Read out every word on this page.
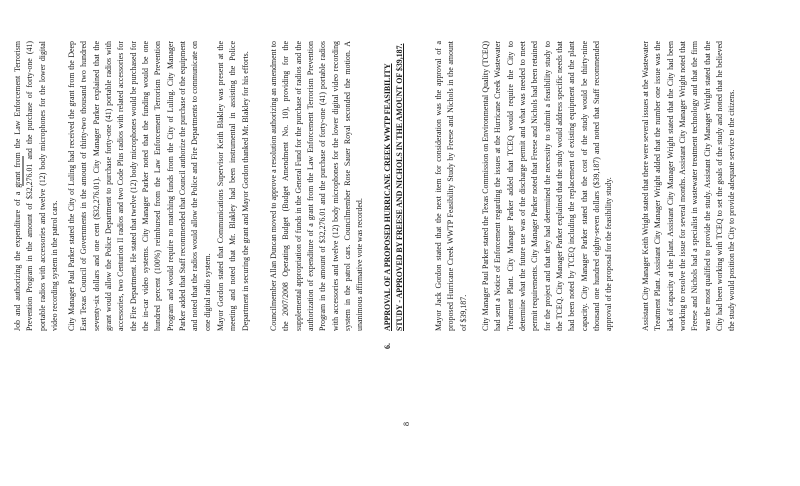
Job and authorizing the expenditure of a grant from the Law Enforcement Terrorism Prevention Program in the amount of $32,276.01 and the purchase of forty-one (41) portable radios with accessories and twelve (12) body microphones for the lower digital video recording system in the patrol cars. City Manager Paul Parker stated the City of Luling had received the grant from the Deep East Texas Council of Governments in the amount of thirty-two thousand two hundred seventy-six dollars and one cent ($32,276.01). City Manager Parker explained that the grant would allow the Police Department to purchase forty-one (41) portable radios with accessories, two Centurion II radios and two Code Plus radios with related accessories for the Fire Department. He stated that twelve (12) body microphones would be purchased for the in-car video systems. City Manager Parker noted that the funding would be one hundred percent (100%) reimbursed from the Law Enforcement Terrorism Prevention Program and would require no matching funds from the City of Luling. City Manager Parker added that Staff recommended that Council authorize the purchase of the equipment and noted that the radios would allow the Police and Fire Departments to communicate on one digital radio system. Mayor Gordon stated that Communications Supervisor Keith Blakley was present at the meeting and noted that Mr. Blakley had been instrumental in assisting the Police Department in securing the grant and Mayor Gordon thanked Mr. Blakley for his efforts. Councilmember Allan Duncan moved to approve a resolution authorizing an amendment to the 2007/2008 Operating Budget (Budget Amendment No. 10), providing for the supplemental appropriation of funds in the General Fund for the purchase of radios and the authorization of expenditure of a grant from the Law Enforcement Terrorism Prevention Program in the amount of $32,276.01 and the purchase of forty-one (41) portable radios with accessories and twelve (12) body microphones for the lower digital video recording system in the patrol cars. Councilmember Rose Sauer Royal seconded the motion. A unanimous affirmative vote was recorded.

6.

APPROVAL OF A PROPOSED HURRICANE CREEK WWTP FEASIBILITY STUDY - APPROVED BY FREESE AND NICHOLS IN THE AMOUNT OF $39,187.	Mayor Jack Gordon stated that the next item for consideration was the approval of a proposed Hurricane Creek WWTP Feasibility Study by Freese and Nichols in the amount of $39,187. City Manager Paul Parker stated the Texas Commission on Environmental Quality (TCEQ) had sent a Notice of Enforcement regarding the issues at the Hurricane Creek Wastewater Treatment Plant. City Manager Parker added that TCEQ would require the City to determine what the future use was of the discharge permit and what was needed to meet permit requirements. City Manager Parker noted that Freese and Nichols had been retained for the project and that they had determined the necessity to submit a feasibility study to the TCEQ. City Manager Parker explained that the study would address specific needs that had been noted by TCEQ including the replacement of existing equipment and the plant capacity. City Manager Parker stated that the cost of the study would be thirty-nine thousand one hundred eighty-seven dollars ($39,187) and noted that Staff recommended approval of the proposal for the feasibility study.	Assistant City Manager Keith Wright stated that there were several issues at the Wastewater Treatment Plant. Assistant City Manager Wright added that the number one issue was the lack of capacity at the plant. Assistant City Manager Wright stated that the City had been working to resolve the issue for several months. Assistant City Manager Wright noted that Freese and Nichols had a specialist in wastewater treatment technology and that the firm was the most qualified to provide the study. Assistant City Manager Wright stated that the City had been working with TCEQ to set the goals of the study and noted that he believed the study would position the City to provide adequate service to the citizens.

8
